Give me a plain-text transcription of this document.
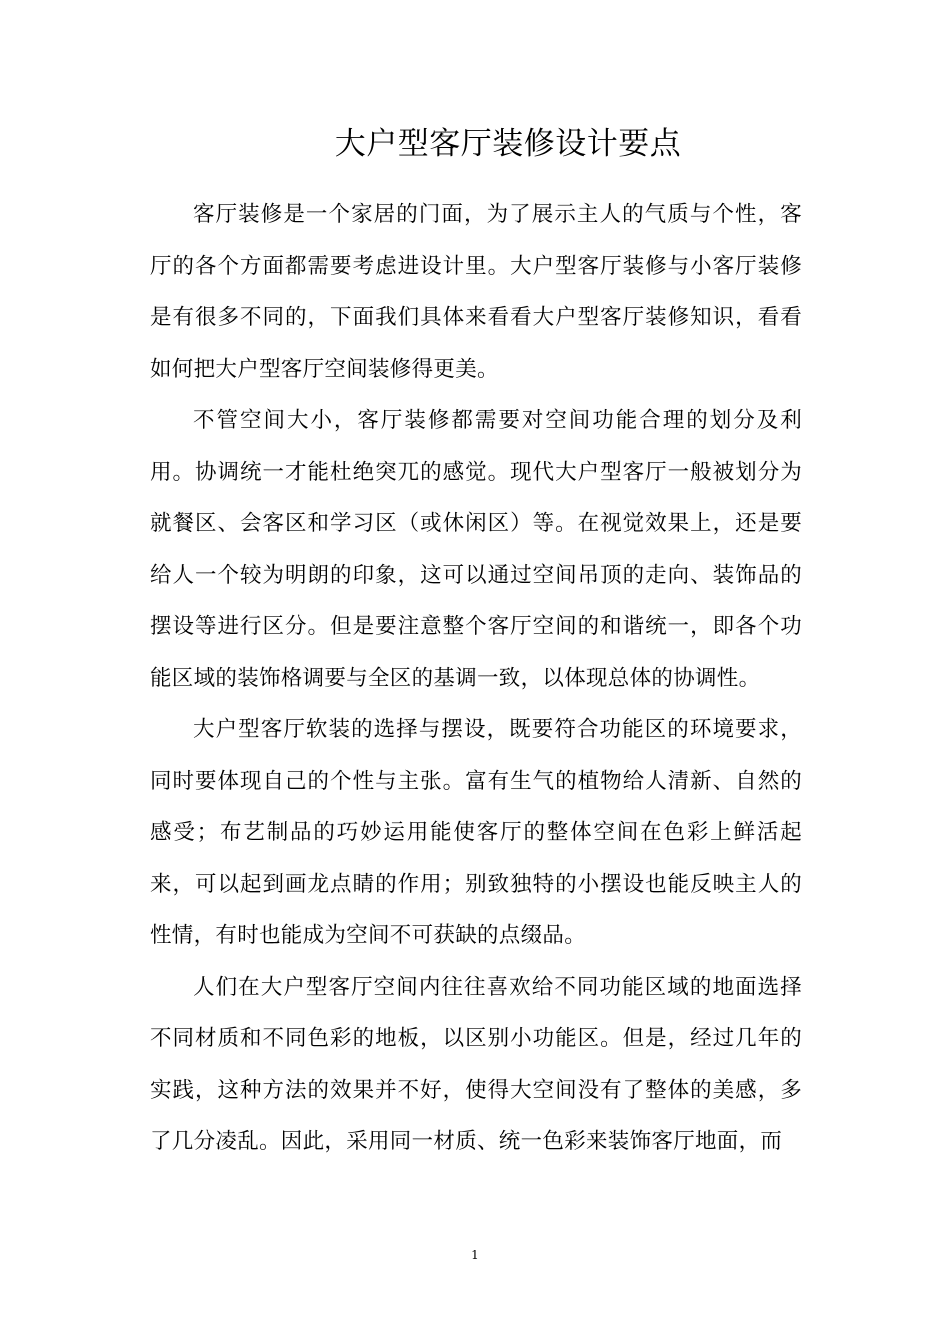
大户型客厅装修设计要点

客厅装修是一个家居的门面，为了展示主人的气质与个性，客厅的各个方面都需要考虑进设计里。大户型客厅装修与小客厅装修是有很多不同的，下面我们具体来看看大户型客厅装修知识，看看如何把大户型客厅空间装修得更美。

不管空间大小，客厅装修都需要对空间功能合理的划分及利用。协调统一才能杜绝突兀的感觉。现代大户型客厅一般被划分为就餐区、会客区和学习区（或休闲区）等。在视觉效果上，还是要给人一个较为明朗的印象，这可以通过空间吊顶的走向、装饰品的摆设等进行区分。但是要注意整个客厅空间的和谐统一，即各个功能区域的装饰格调要与全区的基调一致，以体现总体的协调性。

大户型客厅软装的选择与摆设，既要符合功能区的环境要求，同时要体现自己的个性与主张。富有生气的植物给人清新、自然的感受；布艺制品的巧妙运用能使客厅的整体空间在色彩上鲜活起来，可以起到画龙点睛的作用；别致独特的小摆设也能反映主人的性情，有时也能成为空间不可获缺的点缀品。

人们在大户型客厅空间内往往喜欢给不同功能区域的地面选择不同材质和不同色彩的地板，以区别小功能区。但是，经过几年的实践，这种方法的效果并不好，使得大空间没有了整体的美感，多了几分凌乱。因此，采用同一材质、统一色彩来装饰客厅地面，而

1
